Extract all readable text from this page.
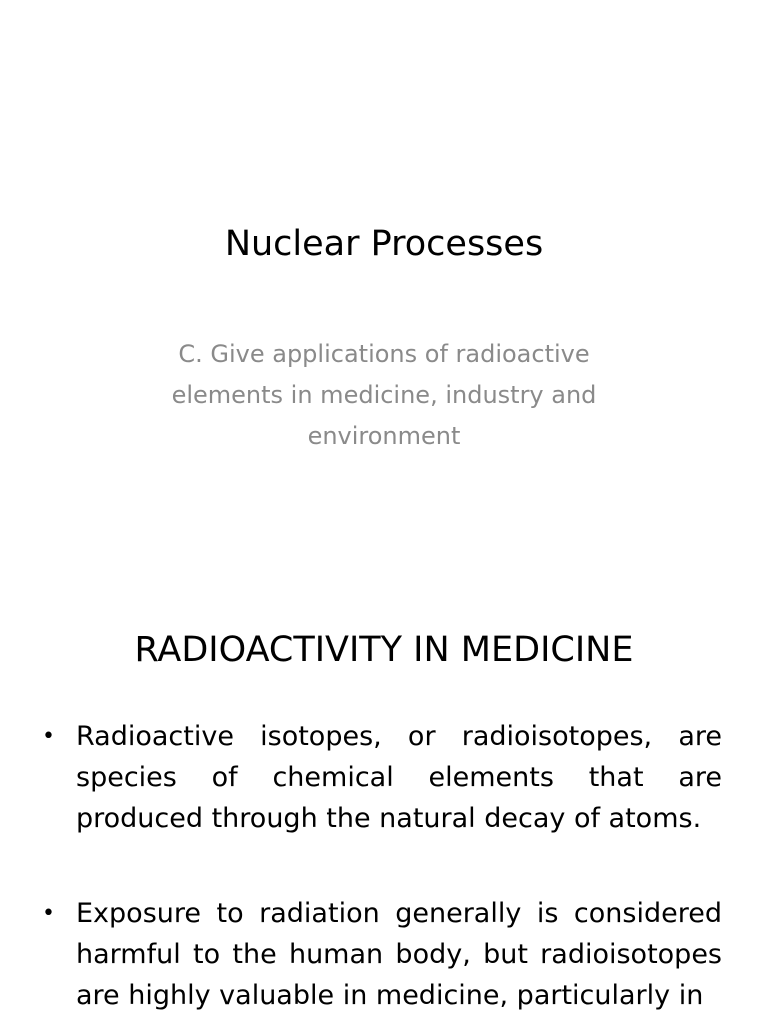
Nuclear Processes

C. Give applications of radioactive elements in medicine, industry and environment

RADIOACTIVITY IN MEDICINE
• Radioactive isotopes, or radioisotopes, are species of chemical elements that are produced through the natural decay of atoms.
• Exposure to radiation generally is considered harmful to the human body, but radioisotopes are highly valuable in medicine, particularly in
